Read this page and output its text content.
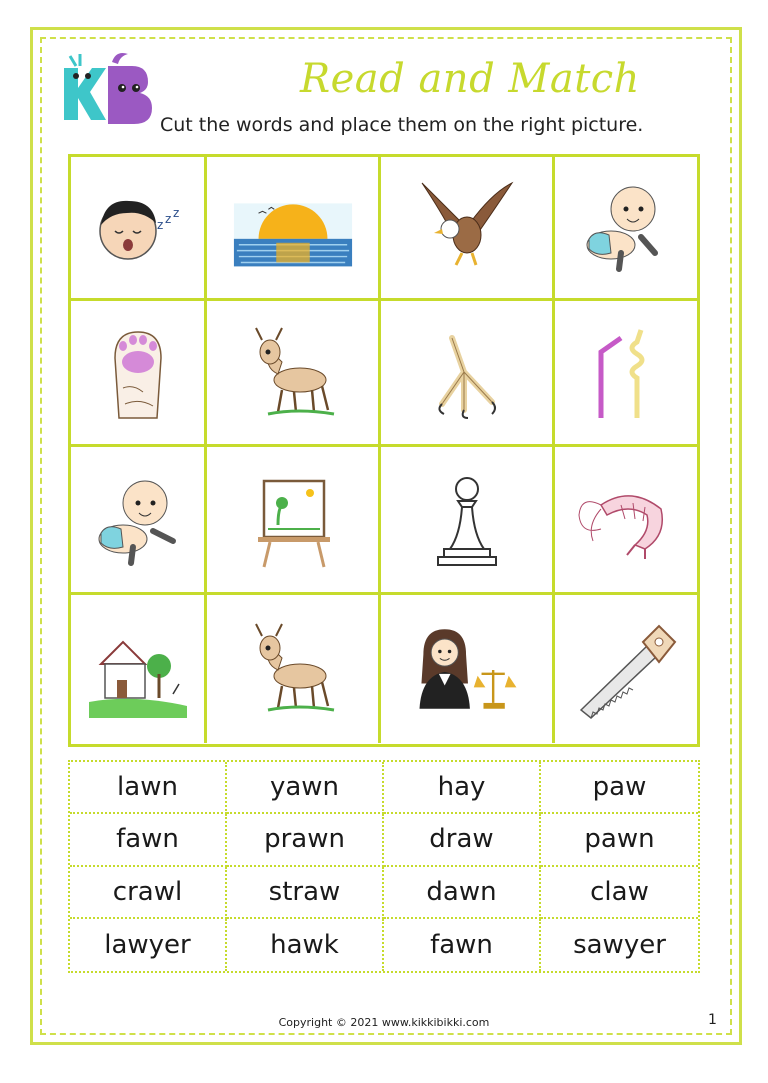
Read and Match
Cut the words and place them on the right picture.
z z z
lawn	yawn	hay	paw
fawn	prawn	draw	pawn
crawl	straw	dawn	claw
lawyer	hawk	fawn	sawyer
Copyright © 2021 www.kikkibikki.com	1
